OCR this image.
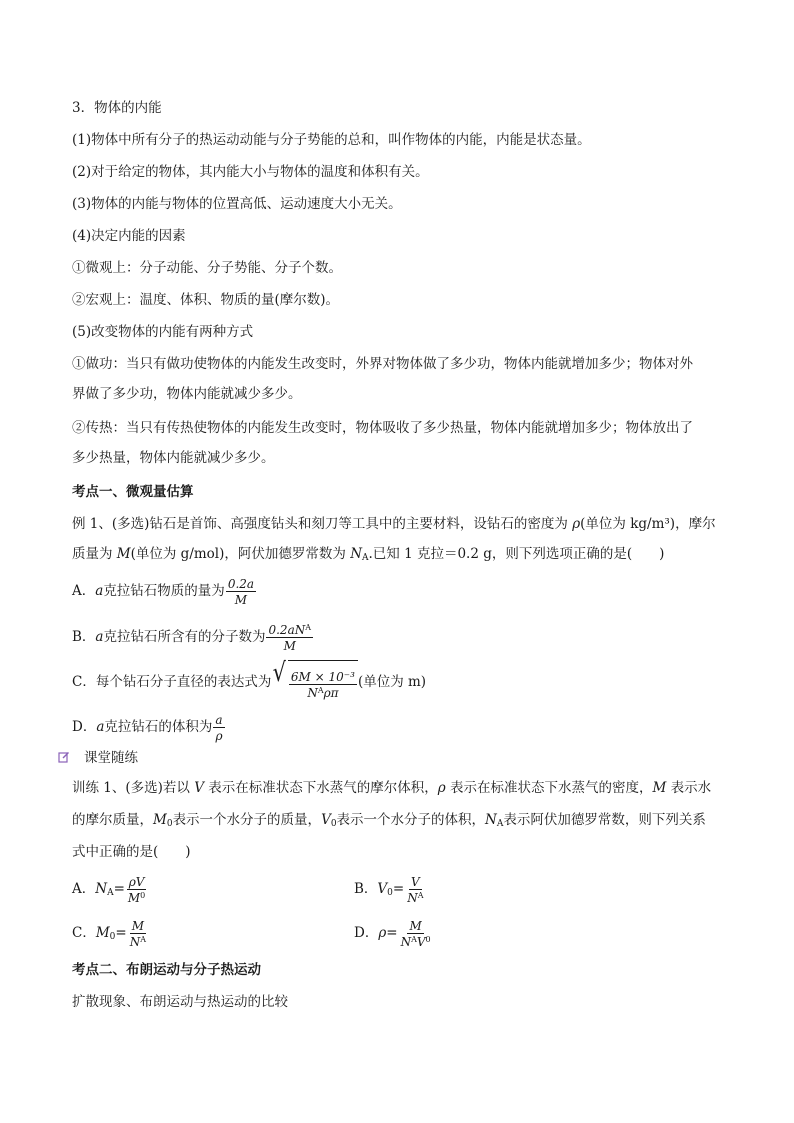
3．物体的内能
(1)物体中所有分子的热运动动能与分子势能的总和，叫作物体的内能，内能是状态量。
(2)对于给定的物体，其内能大小与物体的温度和体积有关。
(3)物体的内能与物体的位置高低、运动速度大小无关。
(4)决定内能的因素
①微观上：分子动能、分子势能、分子个数。
②宏观上：温度、体积、物质的量(摩尔数)。
(5)改变物体的内能有两种方式
①做功：当只有做功使物体的内能发生改变时，外界对物体做了多少功，物体内能就增加多少；物体对外
界做了多少功，物体内能就减少多少。
②传热：当只有传热使物体的内能发生改变时，物体吸收了多少热量，物体内能就增加多少；物体放出了
多少热量，物体内能就减少多少。
考点一、微观量估算
例 1、(多选)钻石是首饰、高强度钻头和刻刀等工具中的主要材料，设钻石的密度为 ρ(单位为 kg/m³)，摩尔
质量为 M(单位为 g/mol)，阿伏加德罗常数为 $N_A$.已知 1 克拉＝0.2 g，则下列选项正确的是(　　)
A．a克拉钻石物质的量为 $\frac{0.2a}{M}$
B．a克拉钻石所含有的分子数为 $\frac{0.2aN^A}{M}$
C．每个钻石分子直径的表达式为 √ $\frac{\text{6M × 10⁻³}}{N^A\rho\pi}$ (单位为 m)
D．a克拉钻石的体积为 $\frac{a}{\rho}$
课堂随练
训练 1、(多选)若以 V 表示在标准状态下水蒸气的摩尔体积，ρ 表示在标准状态下水蒸气的密度，M 表示水
的摩尔质量，$M_0$表示一个水分子的质量，$V_0$表示一个水分子的体积，$N_A$表示阿伏加德罗常数，则下列关系
式中正确的是(　　)
A．$N_A= \frac{\rho V}{M^0}$	B．$V_0= \frac{V}{N^A}$
C．$M_0= \frac{M}{N^A}$	D．$\rho= \frac{M}{N^AV^0}$
考点二、布朗运动与分子热运动
扩散现象、布朗运动与热运动的比较
